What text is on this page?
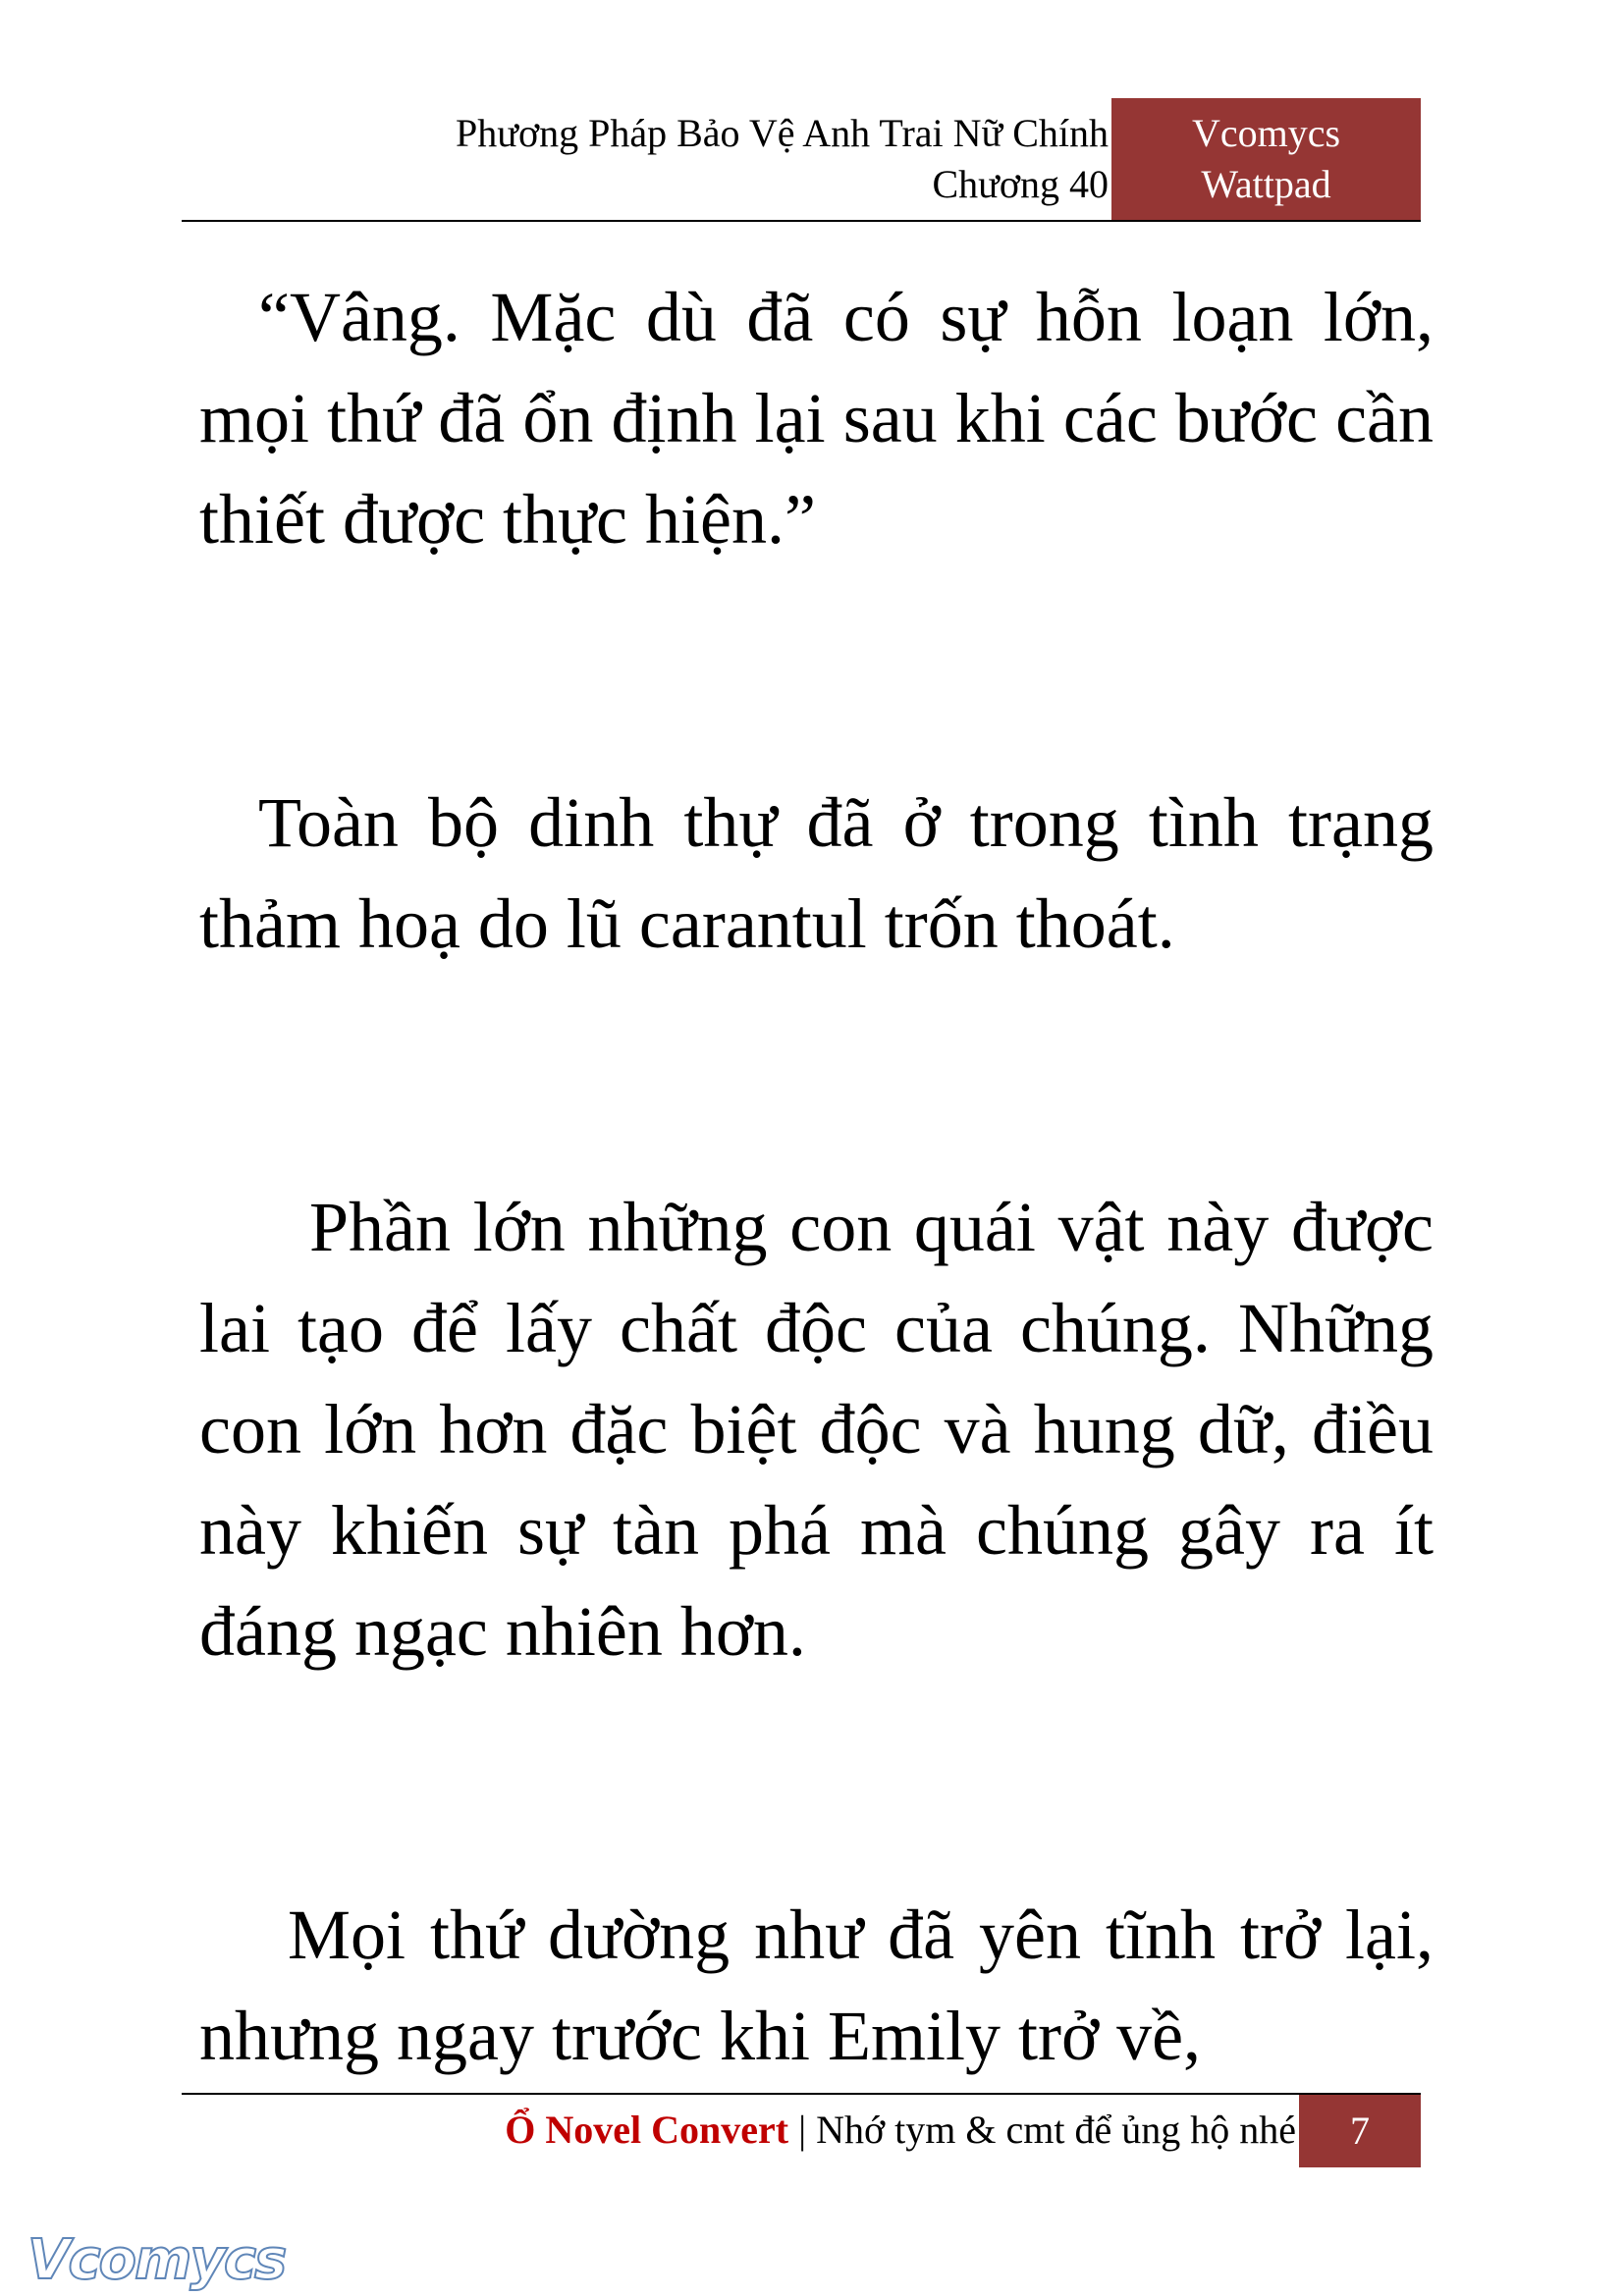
Phương Pháp Bảo Vệ Anh Trai Nữ Chính
Chương 40
Vcomycs
Wattpad

“Vâng. Mặc dù đã có sự hỗn loạn lớn, mọi thứ đã ổn định lại sau khi các bước cần thiết được thực hiện.”

Toàn bộ dinh thự đã ở trong tình trạng thảm hoạ do lũ carantul trốn thoát.

Phần lớn những con quái vật này được lai tạo để lấy chất độc của chúng. Những con lớn hơn đặc biệt độc và hung dữ, điều này khiến sự tàn phá mà chúng gây ra ít đáng ngạc nhiên hơn.

Mọi thứ dường như đã yên tĩnh trở lại, nhưng ngay trước khi Emily trở về,

Ổ Novel Convert | Nhớ tym & cmt để ủng hộ nhé	7
Vcomycs
